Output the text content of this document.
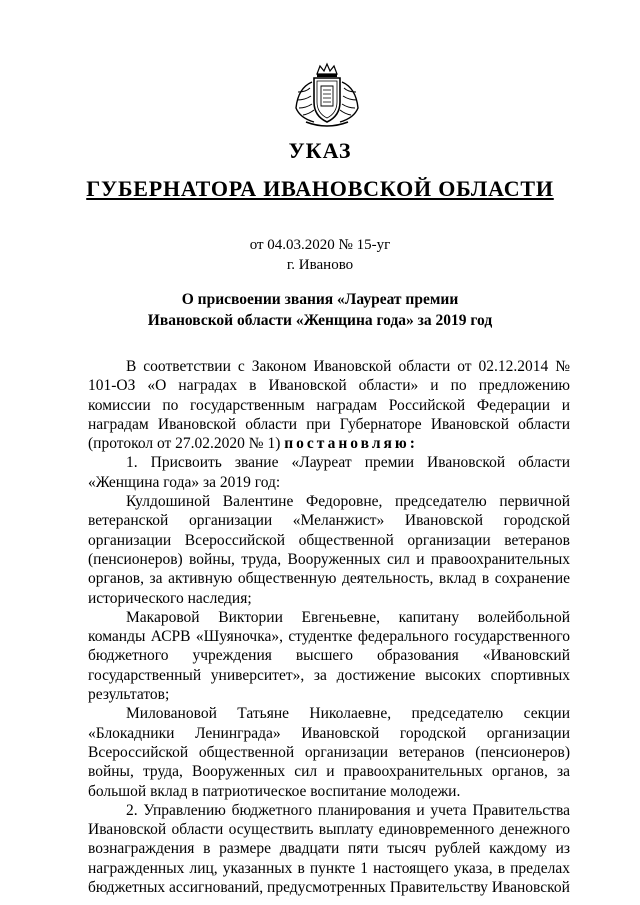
УКАЗ
ГУБЕРНАТОРА ИВАНОВСКОЙ ОБЛАСТИ
от 04.03.2020 № 15-уг
г. Иваново
О присвоении звания «Лауреат премии
Ивановской области «Женщина года» за 2019 год

В соответствии с Законом Ивановской области от 02.12.2014 № 101-ОЗ «О наградах в Ивановской области» и по предложению комиссии по государственным наградам Российской Федерации и наградам Ивановской области при Губернаторе Ивановской области (протокол от 27.02.2020 № 1) постановляю:

1. Присвоить звание «Лауреат премии Ивановской области «Женщина года» за 2019 год:

Кулдошиной Валентине Федоровне, председателю первичной ветеранской организации «Меланжист» Ивановской городской организации Всероссийской общественной организации ветеранов (пенсионеров) войны, труда, Вооруженных сил и правоохранительных органов, за активную общественную деятельность, вклад в сохранение исторического наследия;

Макаровой Виктории Евгеньевне, капитану волейбольной команды АСРВ «Шуяночка», студентке федерального государственного бюджетного учреждения высшего образования «Ивановский государственный университет», за достижение высоких спортивных результатов;

Миловановой Татьяне Николаевне, председателю секции «Блокадники Ленинграда» Ивановской городской организации Всероссийской общественной организации ветеранов (пенсионеров) войны, труда, Вооруженных сил и правоохранительных органов, за большой вклад в патриотическое воспитание молодежи.

2. Управлению бюджетного планирования и учета Правительства Ивановской области осуществить выплату единовременного денежного вознаграждения в размере двадцати пяти тысяч рублей каждому из награжденных лиц, указанных в пункте 1 настоящего указа, в пределах бюджетных ассигнований, предусмотренных Правительству Ивановской
